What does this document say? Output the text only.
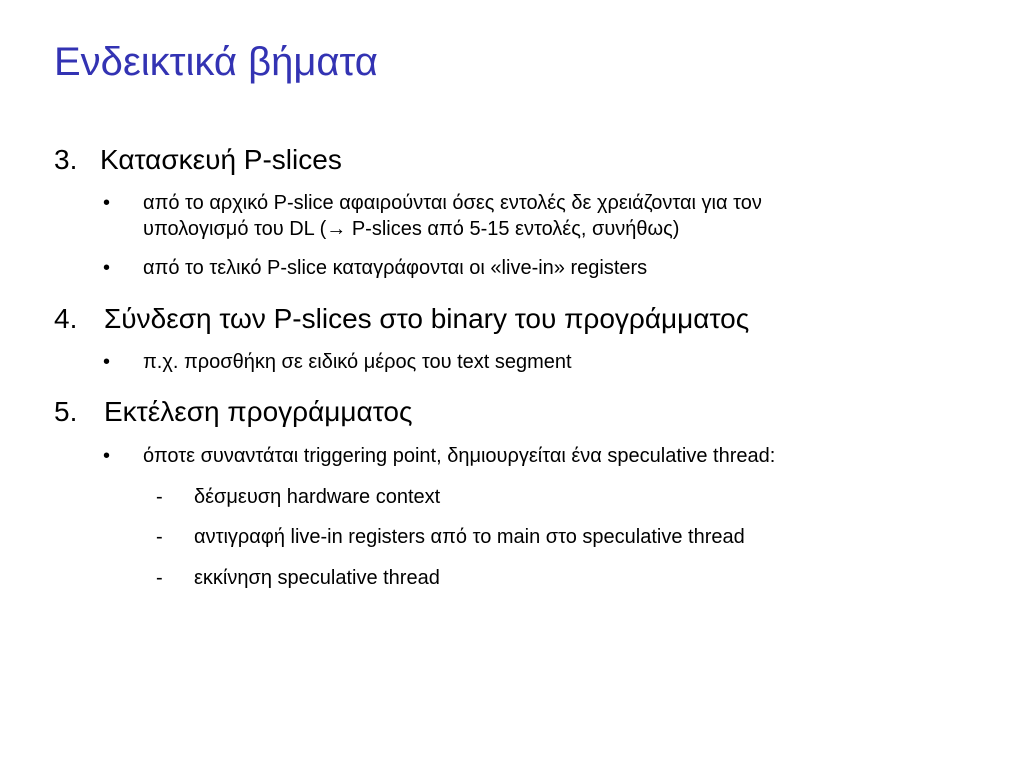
Ενδεικτικά βήματα
3. Κατασκευή P-slices
• από το αρχικό P-slice αφαιρούνται όσες εντολές δε χρειάζονται για τον
υπολογισμό του DL (→ P-slices από 5-15 εντολές, συνήθως)
• από το τελικό P-slice καταγράφονται οι «live-in» registers
4. Σύνδεση των P-slices στο binary του προγράμματος
• π.χ. προσθήκη σε ειδικό μέρος του text segment
5. Εκτέλεση προγράμματος
• όποτε συναντάται triggering point, δημιουργείται ένα speculative thread:
- δέσμευση hardware context
- αντιγραφή live-in registers από το main στο speculative thread
- εκκίνηση speculative thread
